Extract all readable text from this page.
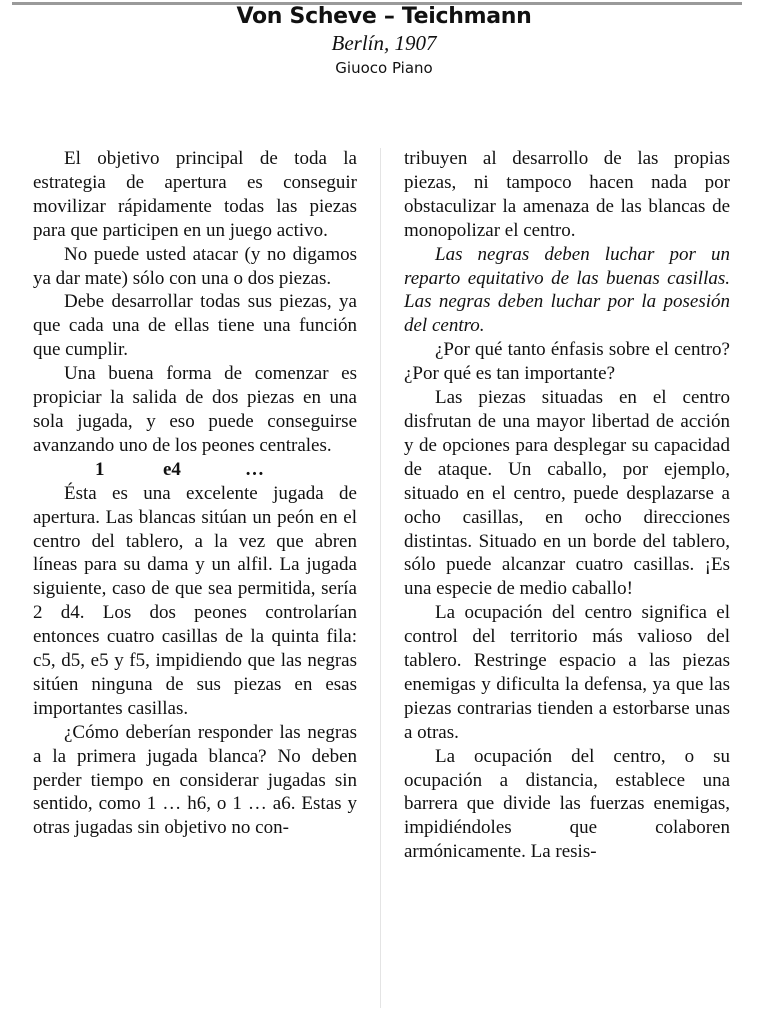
Von Scheve – Teichmann
Berlín, 1907
Giuoco Piano

El objetivo principal de toda la estrategia de apertura es conseguir movilizar rápidamente todas las piezas para que participen en un juego activo.

No puede usted atacar (y no digamos ya dar mate) sólo con una o dos piezas.

Debe desarrollar todas sus piezas, ya que cada una de ellas tiene una función que cumplir.

Una buena forma de comenzar es propiciar la salida de dos piezas en una sola jugada, y eso puede conseguirse avanzando uno de los peones centrales.

1	e4	…

Ésta es una excelente jugada de apertura. Las blancas sitúan un peón en el centro del tablero, a la vez que abren líneas para su dama y un alfil. La jugada siguiente, caso de que sea permitida, sería 2 d4. Los dos peones controlarían entonces cuatro casillas de la quinta fila: c5, d5, e5 y f5, impidiendo que las negras sitúen ninguna de sus piezas en esas importantes casillas.

¿Cómo deberían responder las negras a la primera jugada blanca? No deben perder tiempo en considerar jugadas sin sentido, como 1 … h6, o 1 … a6. Estas y otras jugadas sin objetivo no con-

tribuyen al desarrollo de las propias piezas, ni tampoco hacen nada por obstaculizar la amenaza de las blancas de monopolizar el centro.

Las negras deben luchar por un reparto equitativo de las buenas casillas. Las negras deben luchar por la posesión del centro.

¿Por qué tanto énfasis sobre el centro? ¿Por qué es tan importante?

Las piezas situadas en el centro disfrutan de una mayor libertad de acción y de opciones para desplegar su capacidad de ataque. Un caballo, por ejemplo, situado en el centro, puede desplazarse a ocho casillas, en ocho direcciones distintas. Situado en un borde del tablero, sólo puede alcanzar cuatro casillas. ¡Es una especie de medio caballo!

La ocupación del centro significa el control del territorio más valioso del tablero. Restringe espacio a las piezas enemigas y dificulta la defensa, ya que las piezas contrarias tienden a estorbarse unas a otras.

La ocupación del centro, o su ocupación a distancia, establece una barrera que divide las fuerzas enemigas, impidiéndoles que colaboren armónicamente. La resis-
